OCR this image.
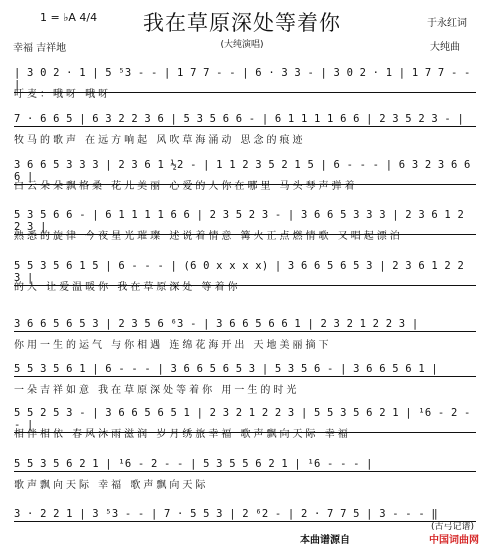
1 = ♭A 4/4	我在草原深处等着你
(大纯演唱)
于永红词
大纯曲
幸福 吉祥地
| 3 0 2 · 1 | 5 ⁵3 - - | 1 7 7 - - | 6 · 3 3 - | 3 0 2 · 1 | 1 7 7 - - |
吁麦：哦呀 哦呀
7 · 6 6 5 | 6 3 2 2 3 6 | 5 3 5 6 6 - | 6 1 1 1 1 6 6 | 2 3 5 2 3 - |
牧马的歌声 在远方响起 风吹草海涌动 思念的痕迹
3 6 6 5 3 3 3 | 2 3 6 1 ½2 - | 1 1 2 3 5 2 1 5 | 6 - - - | 6 3 2 3 6 6 6 |
白云朵朵飘格桑 花儿美丽 心爱的人你在哪里 马头琴声弹着
5 3 5 6 6 - | 6 1 1 1 1 6 6 | 2 3 5 2 3 - | 3 6 6 5 3 3 3 | 2 3 6 1 2 2 3 |
熟悉的旋律 今夜星光璀璨 述说着情意 篝火正点燃情歌 又唱起漂泊
5 5 3 5 6 1 5 | 6 - - - | (6 0 x x x x) | 3 6 6 5 6 5 3 | 2 3 6 1 2 2 3 |
的人 让爱温暖你 我在草原深处 等着你
3 6 6 5 6 5 3 | 2 3 5 6 ⁶3 - | 3 6 6 5 6 6 1 | 2 3 2 1 2 2 3 |
你用一生的运气 与你相遇 连绵花海开出 天地美丽摘下
5 5 3 5 6 1 | 6 - - - | 3 6 6 5 6 5 3 | 5 3 5 6 - | 3 6 6 5 6 1 |
一朵吉祥如意 我在草原深处等着你 用一生的时光
5 5 2 5 3 - | 3 6 6 5 6 5 1 | 2 3 2 1 2 2 3 | 5 5 3 5 6 2 1 | ¹6 - 2 - - |
相伴相依 春风沐雨滋润 岁月绣旅幸福 歌声飘向天际 幸福
5 5 3 5 6 2 1 | ¹6 - 2 - - | 5 3 5 5 6 2 1 | ¹6 - - - |
歌声飘向天际 幸福 歌声飘向天际
3 · 2 2 1 | 3 ⁵3 - - | 7 · 5 5 3 | 2 ⁶2 - | 2 · 7 7 5 | 3 - - - ‖
(古弓记谱)
本曲谱源自	中国词曲网
